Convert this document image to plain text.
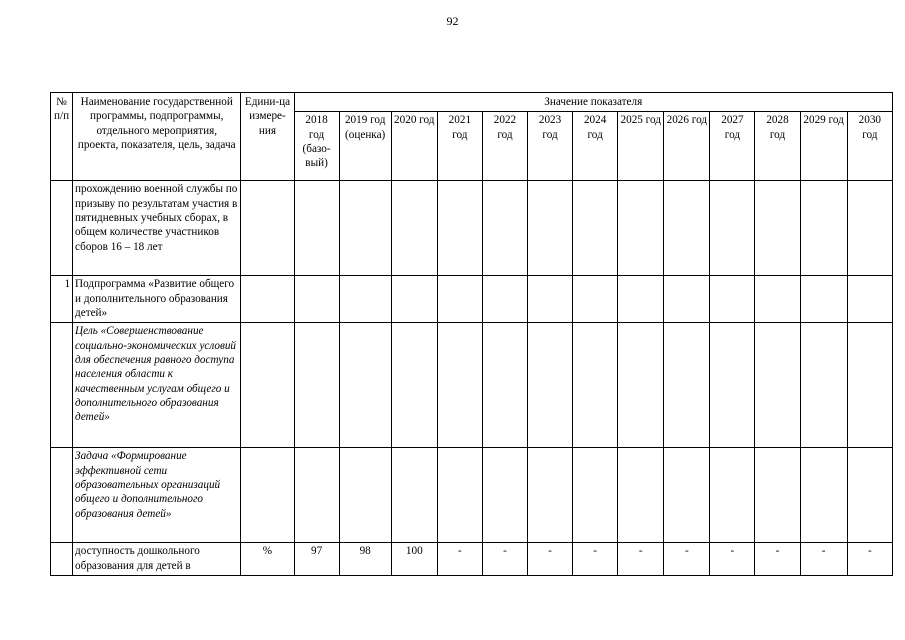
92
№ п/п	Наименование государственной программы, подпрограммы, отдельного мероприятия, проекта, показателя, цель, задача	Едини-ца измере-ния	Значение показателя												
			2018 год (базо-вый)	2019 год (оценка)	2020 год	2021 год	2022 год	2023 год	2024 год	2025 год	2026 год	2027 год	2028 год	2029 год	2030 год
	прохождению военной службы по призыву по результатам участия в пятидневных учебных сборах, в общем количестве участников сборов 16 – 18 лет														
1	Подпрограмма «Развитие общего и дополнительного образования детей»														
	Цель «Совершенствование социально-экономических условий для обеспечения равного доступа населения области к качественным услугам общего и дополнительного образования детей»														
	Задача «Формирование эффективной сети образовательных организаций общего и дополнительного образования детей»														
	доступность дошкольного образования для детей в	%	97	98	100	-	-	-	-	-	-	-	-	-	-
